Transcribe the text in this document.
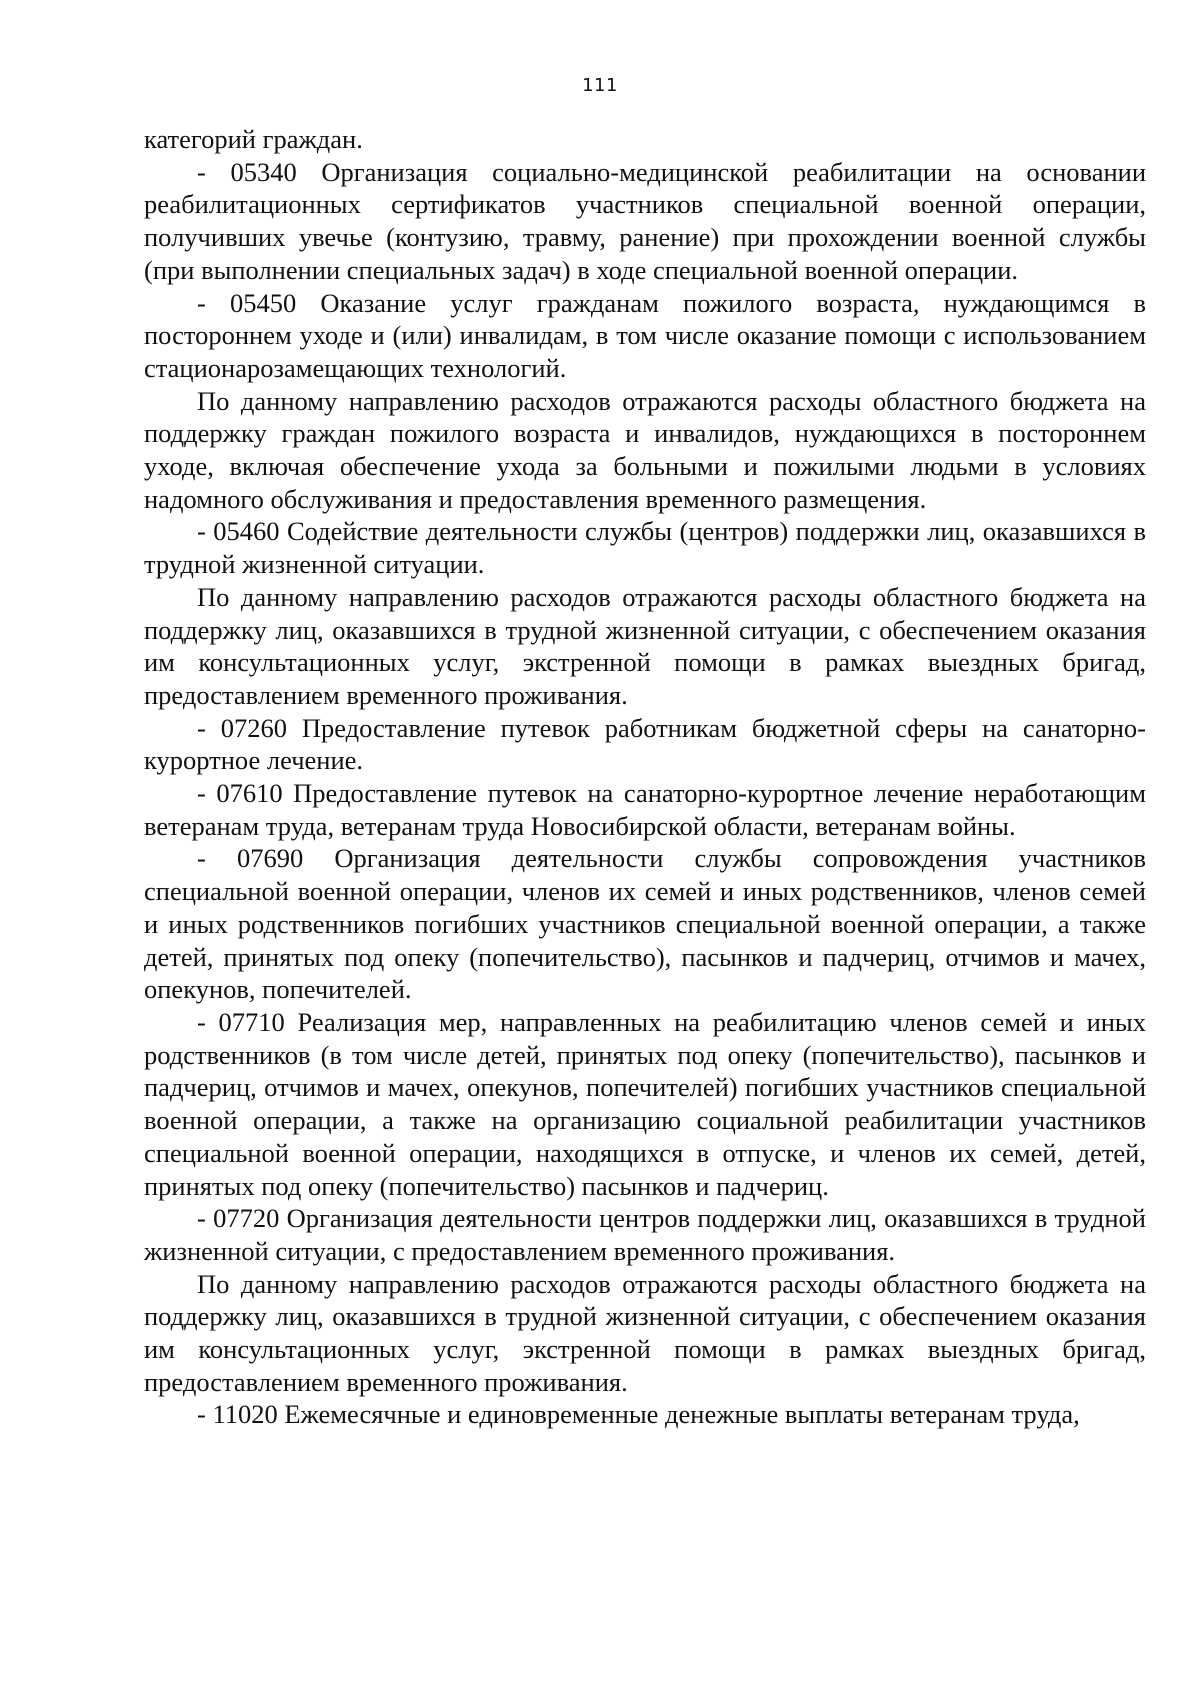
111

категорий граждан.

- 05340 Организация социально-медицинской реабилитации на основании реабилитационных сертификатов участников специальной военной операции, получивших увечье (контузию, травму, ранение) при прохождении военной службы (при выполнении специальных задач) в ходе специальной военной операции.

- 05450 Оказание услуг гражданам пожилого возраста, нуждающимся в постороннем уходе и (или) инвалидам, в том числе оказание помощи с использованием стационарозамещающих технологий.

По данному направлению расходов отражаются расходы областного бюджета на поддержку граждан пожилого возраста и инвалидов, нуждающихся в постороннем уходе, включая обеспечение ухода за больными и пожилыми людьми в условиях надомного обслуживания и предоставления временного размещения.

- 05460 Содействие деятельности службы (центров) поддержки лиц, оказавшихся в трудной жизненной ситуации.

По данному направлению расходов отражаются расходы областного бюджета на поддержку лиц, оказавшихся в трудной жизненной ситуации, с обеспечением оказания им консультационных услуг, экстренной помощи в рамках выездных бригад, предоставлением временного проживания.

- 07260 Предоставление путевок работникам бюджетной сферы на санаторно-курортное лечение.

- 07610 Предоставление путевок на санаторно-курортное лечение неработающим ветеранам труда, ветеранам труда Новосибирской области, ветеранам войны.

- 07690 Организация деятельности службы сопровождения участников специальной военной операции, членов их семей и иных родственников, членов семей и иных родственников погибших участников специальной военной операции, а также детей, принятых под опеку (попечительство), пасынков и падчериц, отчимов и мачех, опекунов, попечителей.

- 07710 Реализация мер, направленных на реабилитацию членов семей и иных родственников (в том числе детей, принятых под опеку (попечительство), пасынков и падчериц, отчимов и мачех, опекунов, попечителей) погибших участников специальной военной операции, а также на организацию социальной реабилитации участников специальной военной операции, находящихся в отпуске, и членов их семей, детей, принятых под опеку (попечительство) пасынков и падчериц.

- 07720 Организация деятельности центров поддержки лиц, оказавшихся в трудной жизненной ситуации, с предоставлением временного проживания.

По данному направлению расходов отражаются расходы областного бюджета на поддержку лиц, оказавшихся в трудной жизненной ситуации, с обеспечением оказания им консультационных услуг, экстренной помощи в рамках выездных бригад, предоставлением временного проживания.

- 11020 Ежемесячные и единовременные денежные выплаты ветеранам труда,
